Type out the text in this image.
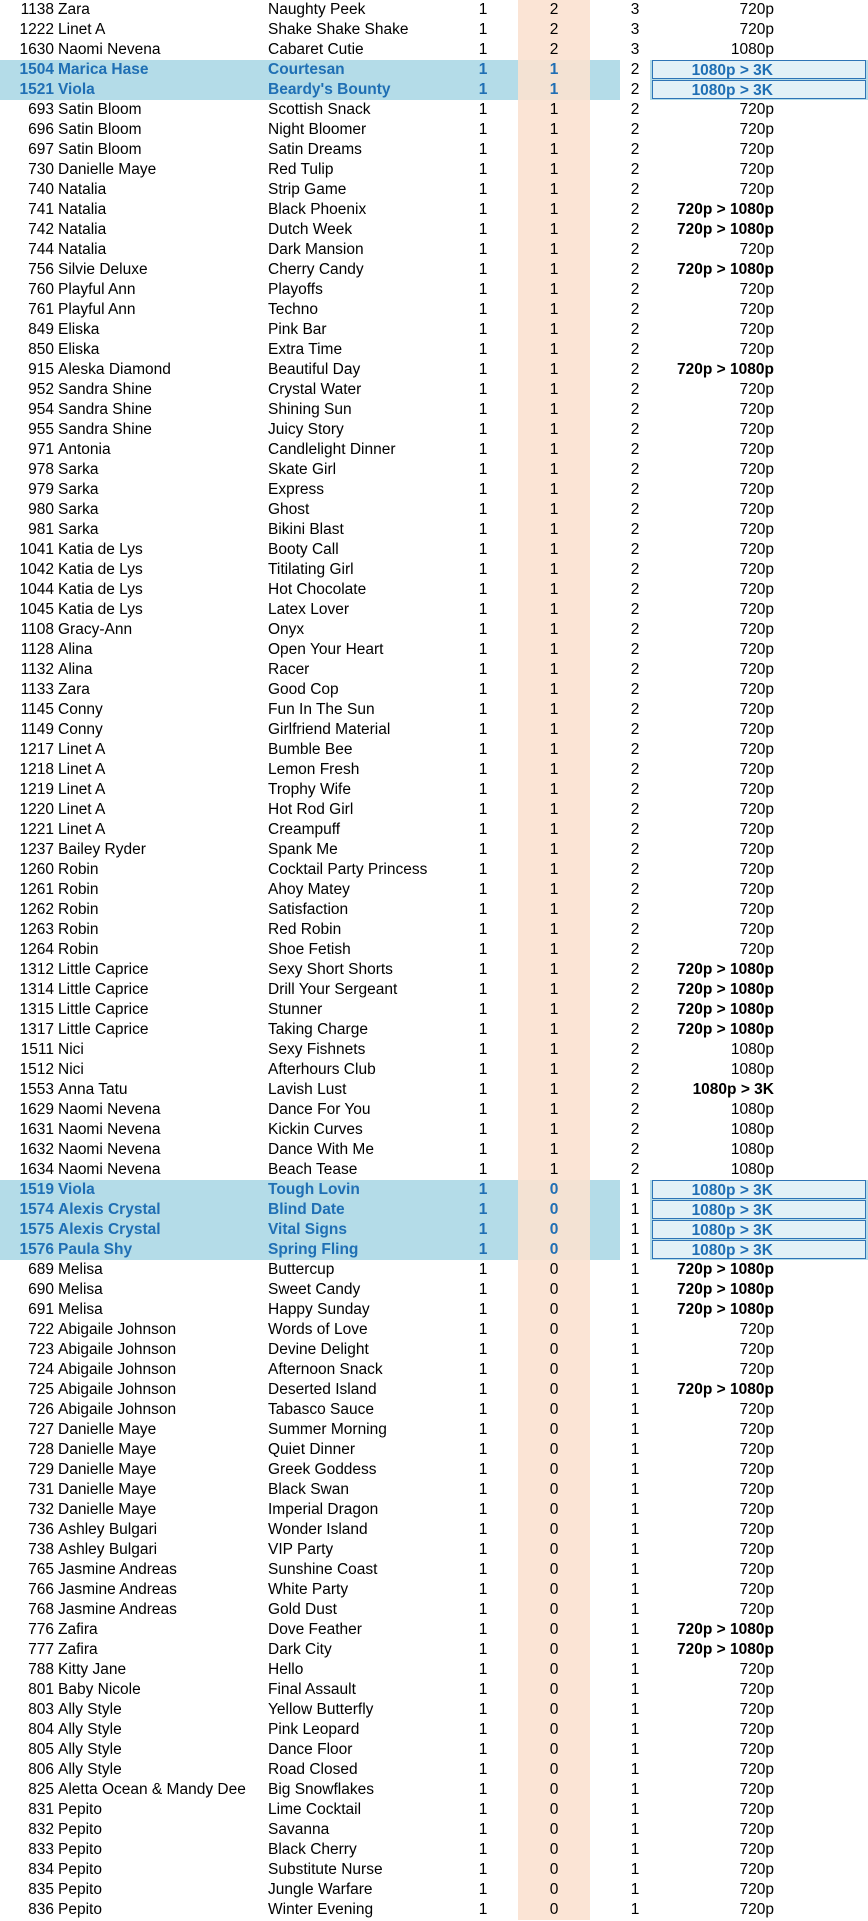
1138 Zara	Naughty Peek	1	2	3	720p
1222 Linet A	Shake Shake Shake	1	2	3	720p
1630 Naomi Nevena	Cabaret Cutie	1	2	3	1080p
1504 Marica Hase	Courtesan	1	1	2	1080p > 3K
1521 Viola	Beardy's Bounty	1	1	2	1080p > 3K
693 Satin Bloom	Scottish Snack	1	1	2	720p
696 Satin Bloom	Night Bloomer	1	1	2	720p
697 Satin Bloom	Satin Dreams	1	1	2	720p
730 Danielle Maye	Red Tulip	1	1	2	720p
740 Natalia	Strip Game	1	1	2	720p
741 Natalia	Black Phoenix	1	1	2	720p > 1080p
742 Natalia	Dutch Week	1	1	2	720p > 1080p
744 Natalia	Dark Mansion	1	1	2	720p
756 Silvie Deluxe	Cherry Candy	1	1	2	720p > 1080p
760 Playful Ann	Playoffs	1	1	2	720p
761 Playful Ann	Techno	1	1	2	720p
849 Eliska	Pink Bar	1	1	2	720p
850 Eliska	Extra Time	1	1	2	720p
915 Aleska Diamond	Beautiful Day	1	1	2	720p > 1080p
952 Sandra Shine	Crystal Water	1	1	2	720p
954 Sandra Shine	Shining Sun	1	1	2	720p
955 Sandra Shine	Juicy Story	1	1	2	720p
971 Antonia	Candlelight Dinner	1	1	2	720p
978 Sarka	Skate Girl	1	1	2	720p
979 Sarka	Express	1	1	2	720p
980 Sarka	Ghost	1	1	2	720p
981 Sarka	Bikini Blast	1	1	2	720p
1041 Katia de Lys	Booty Call	1	1	2	720p
1042 Katia de Lys	Titilating Girl	1	1	2	720p
1044 Katia de Lys	Hot Chocolate	1	1	2	720p
1045 Katia de Lys	Latex Lover	1	1	2	720p
1108 Gracy-Ann	Onyx	1	1	2	720p
1128 Alina	Open Your Heart	1	1	2	720p
1132 Alina	Racer	1	1	2	720p
1133 Zara	Good Cop	1	1	2	720p
1145 Conny	Fun In The Sun	1	1	2	720p
1149 Conny	Girlfriend Material	1	1	2	720p
1217 Linet A	Bumble Bee	1	1	2	720p
1218 Linet A	Lemon Fresh	1	1	2	720p
1219 Linet A	Trophy Wife	1	1	2	720p
1220 Linet A	Hot Rod Girl	1	1	2	720p
1221 Linet A	Creampuff	1	1	2	720p
1237 Bailey Ryder	Spank Me	1	1	2	720p
1260 Robin	Cocktail Party Princess	1	1	2	720p
1261 Robin	Ahoy Matey	1	1	2	720p
1262 Robin	Satisfaction	1	1	2	720p
1263 Robin	Red Robin	1	1	2	720p
1264 Robin	Shoe Fetish	1	1	2	720p
1312 Little Caprice	Sexy Short Shorts	1	1	2	720p > 1080p
1314 Little Caprice	Drill Your Sergeant	1	1	2	720p > 1080p
1315 Little Caprice	Stunner	1	1	2	720p > 1080p
1317 Little Caprice	Taking Charge	1	1	2	720p > 1080p
1511 Nici	Sexy Fishnets	1	1	2	1080p
1512 Nici	Afterhours Club	1	1	2	1080p
1553 Anna Tatu	Lavish Lust	1	1	2	1080p > 3K
1629 Naomi Nevena	Dance For You	1	1	2	1080p
1631 Naomi Nevena	Kickin Curves	1	1	2	1080p
1632 Naomi Nevena	Dance With Me	1	1	2	1080p
1634 Naomi Nevena	Beach Tease	1	1	2	1080p
1519 Viola	Tough Lovin	1	0	1	1080p > 3K
1574 Alexis Crystal	Blind Date	1	0	1	1080p > 3K
1575 Alexis Crystal	Vital Signs	1	0	1	1080p > 3K
1576 Paula Shy	Spring Fling	1	0	1	1080p > 3K
689 Melisa	Buttercup	1	0	1	720p > 1080p
690 Melisa	Sweet Candy	1	0	1	720p > 1080p
691 Melisa	Happy Sunday	1	0	1	720p > 1080p
722 Abigaile Johnson	Words of Love	1	0	1	720p
723 Abigaile Johnson	Devine Delight	1	0	1	720p
724 Abigaile Johnson	Afternoon Snack	1	0	1	720p
725 Abigaile Johnson	Deserted Island	1	0	1	720p > 1080p
726 Abigaile Johnson	Tabasco Sauce	1	0	1	720p
727 Danielle Maye	Summer Morning	1	0	1	720p
728 Danielle Maye	Quiet Dinner	1	0	1	720p
729 Danielle Maye	Greek Goddess	1	0	1	720p
731 Danielle Maye	Black Swan	1	0	1	720p
732 Danielle Maye	Imperial Dragon	1	0	1	720p
736 Ashley Bulgari	Wonder Island	1	0	1	720p
738 Ashley Bulgari	VIP Party	1	0	1	720p
765 Jasmine Andreas	Sunshine Coast	1	0	1	720p
766 Jasmine Andreas	White Party	1	0	1	720p
768 Jasmine Andreas	Gold Dust	1	0	1	720p
776 Zafira	Dove Feather	1	0	1	720p > 1080p
777 Zafira	Dark City	1	0	1	720p > 1080p
788 Kitty Jane	Hello	1	0	1	720p
801 Baby Nicole	Final Assault	1	0	1	720p
803 Ally Style	Yellow Butterfly	1	0	1	720p
804 Ally Style	Pink Leopard	1	0	1	720p
805 Ally Style	Dance Floor	1	0	1	720p
806 Ally Style	Road Closed	1	0	1	720p
825 Aletta Ocean & Mandy Dee	Big Snowflakes	1	0	1	720p
831 Pepito	Lime Cocktail	1	0	1	720p
832 Pepito	Savanna	1	0	1	720p
833 Pepito	Black Cherry	1	0	1	720p
834 Pepito	Substitute Nurse	1	0	1	720p
835 Pepito	Jungle Warfare	1	0	1	720p
836 Pepito	Winter Evening	1	0	1	720p
